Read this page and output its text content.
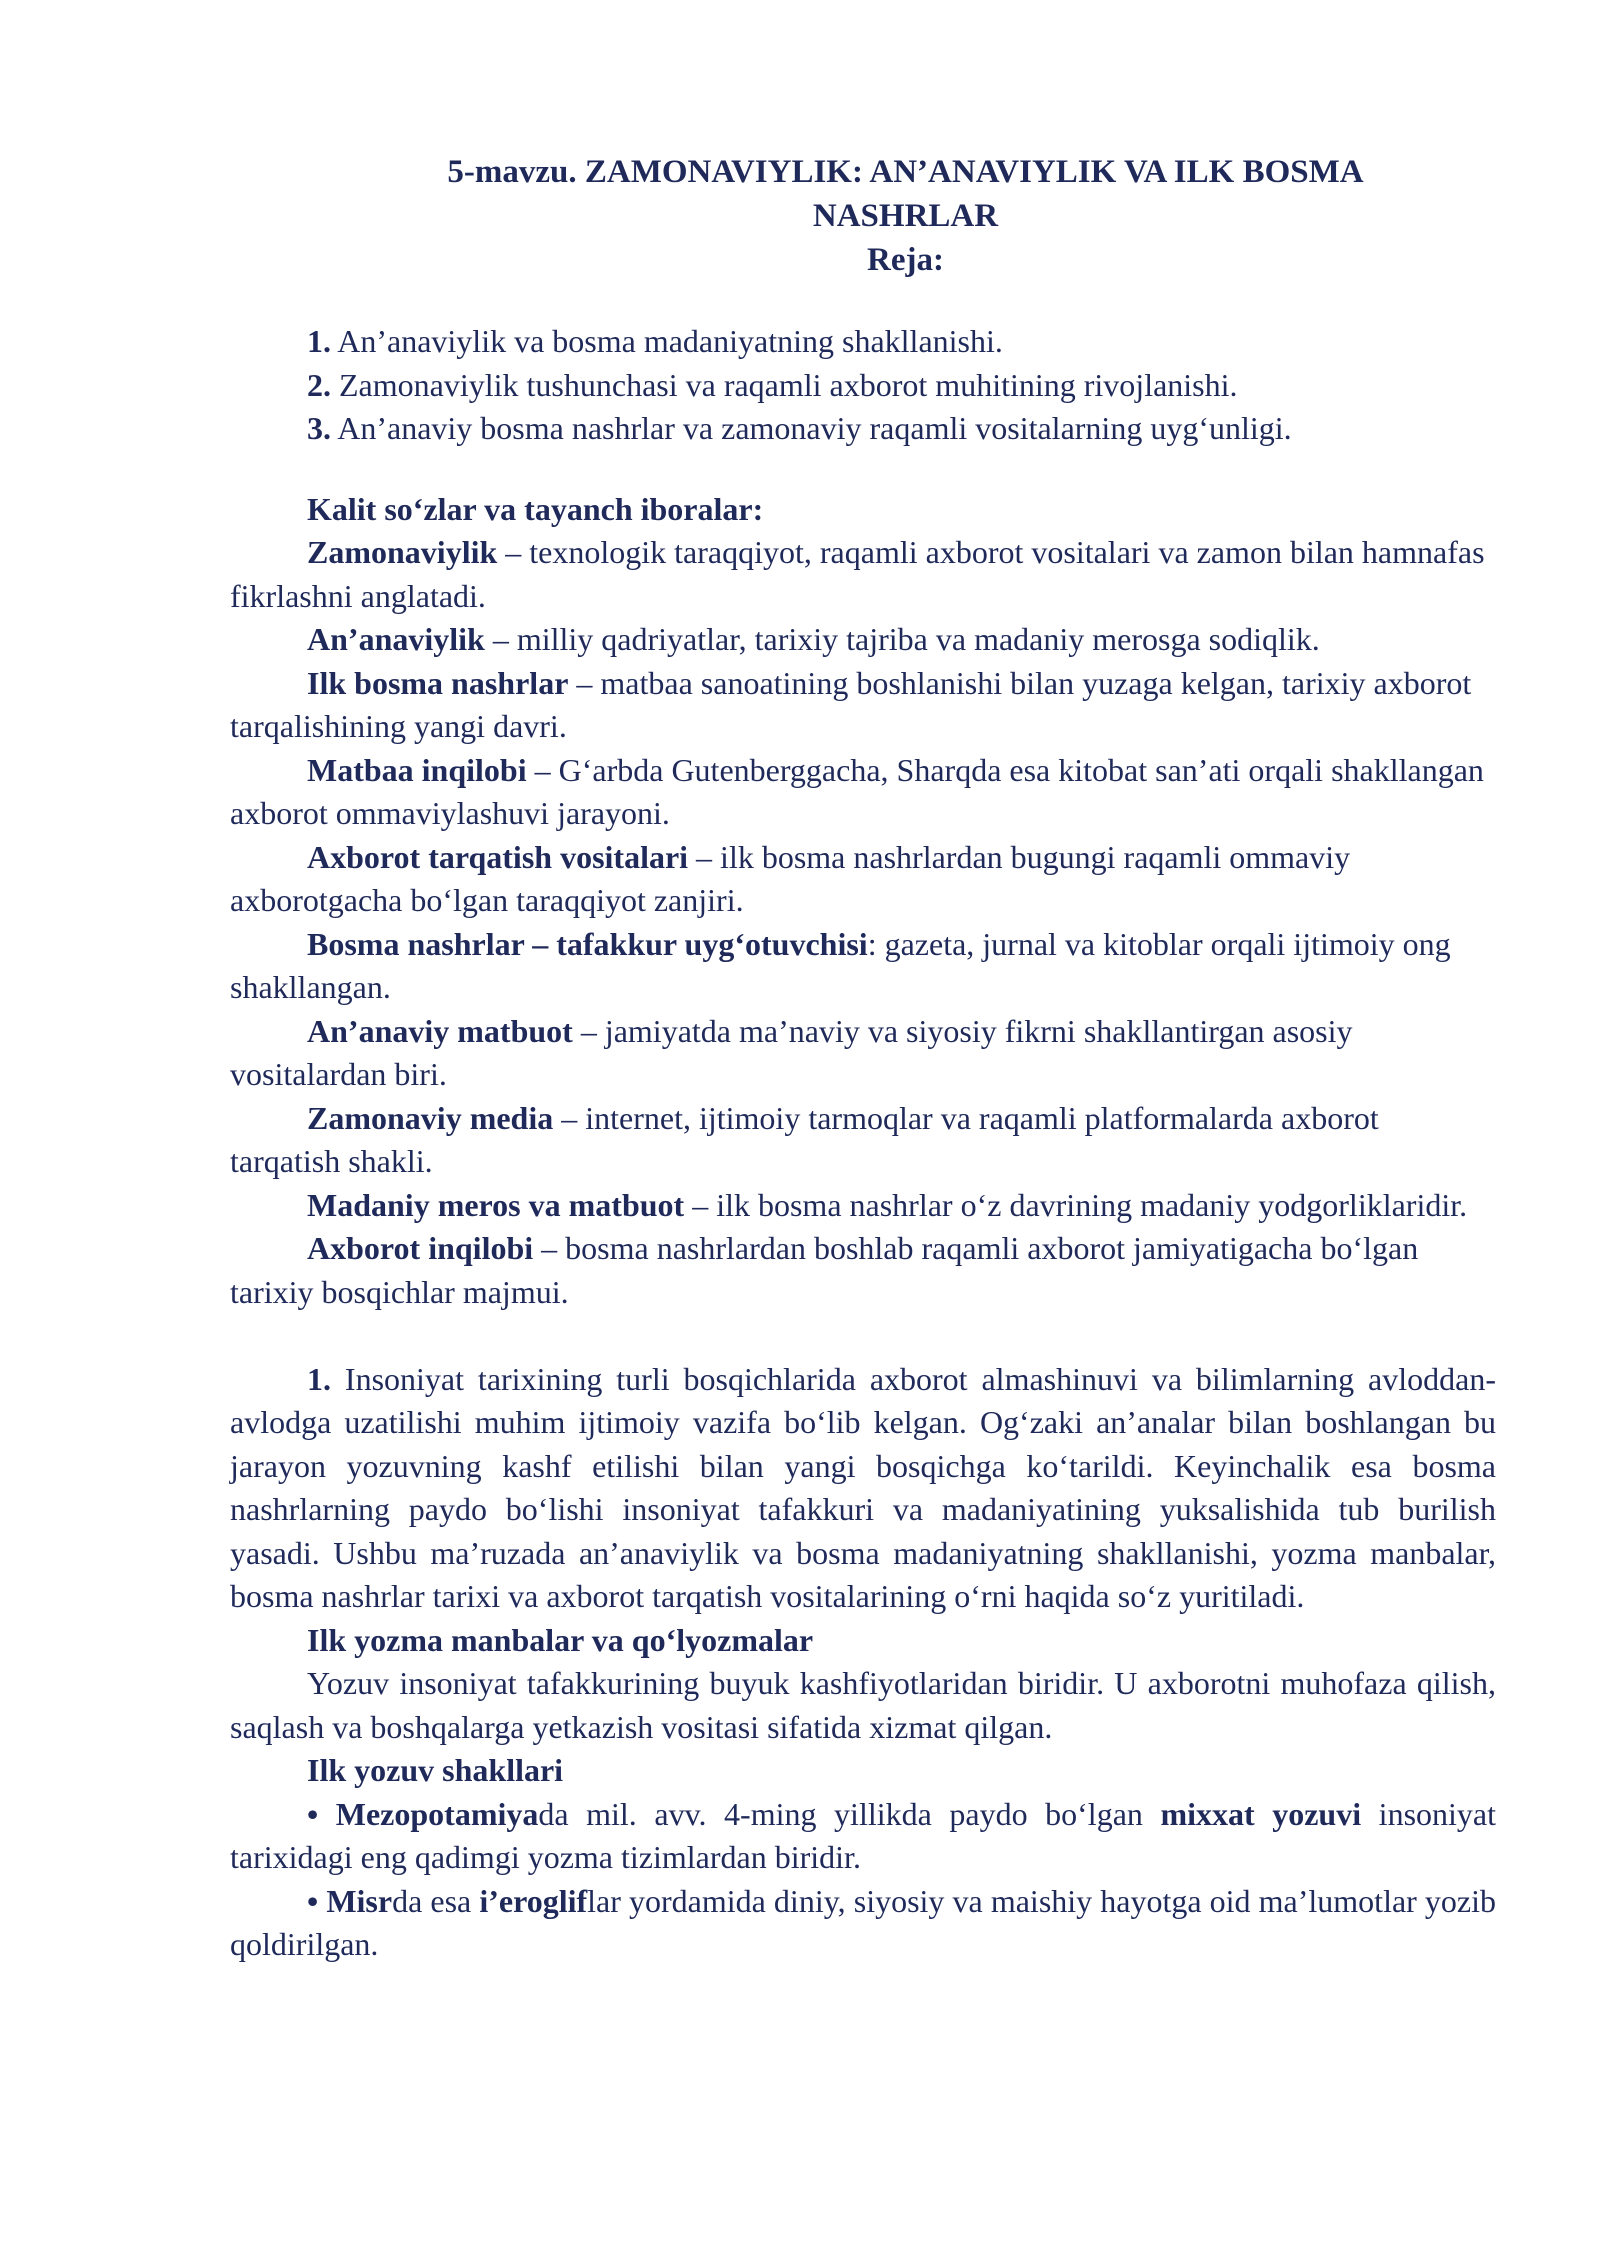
5-mavzu. ZAMONAVIYLIK: AN’ANAVIYLIK VA ILK BOSMA

NASHRLAR

Reja:

1. An’anaviylik va bosma madaniyatning shakllanishi.
2. Zamonaviylik tushunchasi va raqamli axborot muhitining rivojlanishi.
3. An’anaviy bosma nashrlar va zamonaviy raqamli vositalarning uyg‘unligi.

Kalit so‘zlar va tayanch iboralar:

Zamonaviylik – texnologik taraqqiyot, raqamli axborot vositalari va zamon bilan hamnafas fikrlashni anglatadi.

An’anaviylik – milliy qadriyatlar, tarixiy tajriba va madaniy merosga sodiqlik.

Ilk bosma nashrlar – matbaa sanoatining boshlanishi bilan yuzaga kelgan, tarixiy axborot tarqalishining yangi davri.

Matbaa inqilobi – G‘arbda Gutenberggacha, Sharqda esa kitobat san’ati orqali shakllangan axborot ommaviylashuvi jarayoni.

Axborot tarqatish vositalari – ilk bosma nashrlardan bugungi raqamli ommaviy axborotgacha bo‘lgan taraqqiyot zanjiri.

Bosma nashrlar – tafakkur uyg‘otuvchisi: gazeta, jurnal va kitoblar orqali ijtimoiy ong shakllangan.

An’anaviy matbuot – jamiyatda ma’naviy va siyosiy fikrni shakllantirgan asosiy vositalardan biri.

Zamonaviy media – internet, ijtimoiy tarmoqlar va raqamli platformalarda axborot tarqatish shakli.

Madaniy meros va matbuot – ilk bosma nashrlar o‘z davrining madaniy yodgorliklaridir.

Axborot inqilobi – bosma nashrlardan boshlab raqamli axborot jamiyatigacha bo‘lgan tarixiy bosqichlar majmui.

1. Insoniyat tarixining turli bosqichlarida axborot almashinuvi va bilimlarning avloddan-avlodga uzatilishi muhim ijtimoiy vazifa bo‘lib kelgan. Og‘zaki an’analar bilan boshlangan bu jarayon yozuvning kashf etilishi bilan yangi bosqichga ko‘tarildi. Keyinchalik esa bosma nashrlarning paydo bo‘lishi insoniyat tafakkuri va madaniyatining yuksalishida tub burilish yasadi. Ushbu ma’ruzada an’anaviylik va bosma madaniyatning shakllanishi, yozma manbalar, bosma nashrlar tarixi va axborot tarqatish vositalarining o‘rni haqida so‘z yuritiladi.

Ilk yozma manbalar va qo‘lyozmalar

Yozuv insoniyat tafakkurining buyuk kashfiyotlaridan biridir. U axborotni muhofaza qilish, saqlash va boshqalarga yetkazish vositasi sifatida xizmat qilgan.

Ilk yozuv shakllari

• Mezopotamiyada mil. avv. 4-ming yillikda paydo bo‘lgan mixxat yozuvi insoniyat tarixidagi eng qadimgi yozma tizimlardan biridir.

• Misrda esa i’erogliflar yordamida diniy, siyosiy va maishiy hayotga oid ma’lumotlar yozib qoldirilgan.
